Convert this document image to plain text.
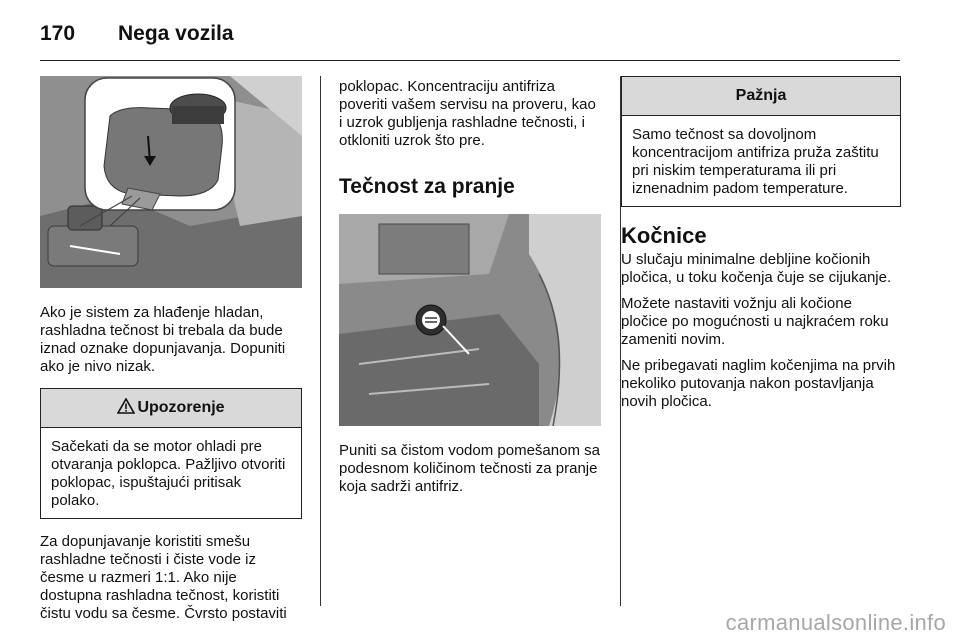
170 Nega vozila

Ako je sistem za hlađenje hladan, rashladna tečnost bi trebala da bude iznad oznake dopunjavanja. Dopuniti ako je nivo nizak.

Upozorenje
Sačekati da se motor ohladi pre otvaranja poklopca. Pažljivo otvoriti poklopac, ispuštajući pritisak polako.

Za dopunjavanje koristiti smešu rashladne tečnosti i čiste vode iz česme u razmeri 1:1. Ako nije dostupna rashladna tečnost, koristiti čistu vodu sa česme. Čvrsto postaviti

poklopac. Koncentraciju antifriza poveriti vašem servisu na proveru, kao i uzrok gubljenja rashladne tečnosti, i otkloniti uzrok što pre.

Tečnost za pranje

Puniti sa čistom vodom pomešanom sa podesnom količinom tečnosti za pranje koja sadrži antifriz.

Pažnja
Samo tečnost sa dovoljnom koncentracijom antifriza pruža zaštitu pri niskim temperaturama ili pri iznenadnim padom temperature.
Kočnice

U slučaju minimalne debljine kočionih pločica, u toku kočenja čuje se cijukanje.

Možete nastaviti vožnju ali kočione pločice po mogućnosti u najkraćem roku zameniti novim.

Ne pribegavati naglim kočenjima na prvih nekoliko putovanja nakon postavljanja novih pločica.

carmanualsonline.info
